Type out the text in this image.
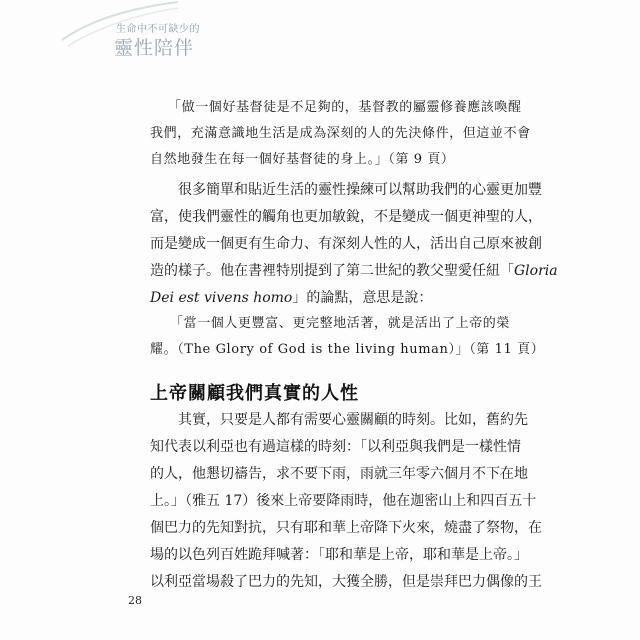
生命中不可缺少的
靈性陪伴
「做一個好基督徒是不足夠的，基督教的屬靈修養應該喚醒
我們，充滿意識地生活是成為深刻的人的先決條件，但這並不會
自然地發生在每一個好基督徒的身上。」（第 9 頁）
很多簡單和貼近生活的靈性操練可以幫助我們的心靈更加豐
富，使我們靈性的觸角也更加敏銳，不是變成一個更神聖的人，
而是變成一個更有生命力、有深刻人性的人，活出自己原來被創
造的樣子。他在書裡特別提到了第二世紀的教父聖愛任紐「Gloria
Dei est vivens homo」的論點，意思是說：
「當一個人更豐富、更完整地活著，就是活出了上帝的榮
耀。（The Glory of God is the living human）」（第 11 頁）
上帝關顧我們真實的人性
其實，只要是人都有需要心靈關顧的時刻。比如，舊約先
知代表以利亞也有過這樣的時刻：「以利亞與我們是一樣性情
的人，他懇切禱告，求不要下雨，雨就三年零六個月不下在地
上。」（雅五 17）後來上帝要降雨時，他在迦密山上和四百五十
個巴力的先知對抗，只有耶和華上帝降下火來，燒盡了祭物，在
場的以色列百姓跪拜喊著：「耶和華是上帝，耶和華是上帝。」
以利亞當場殺了巴力的先知，大獲全勝，但是崇拜巴力偶像的王
28
